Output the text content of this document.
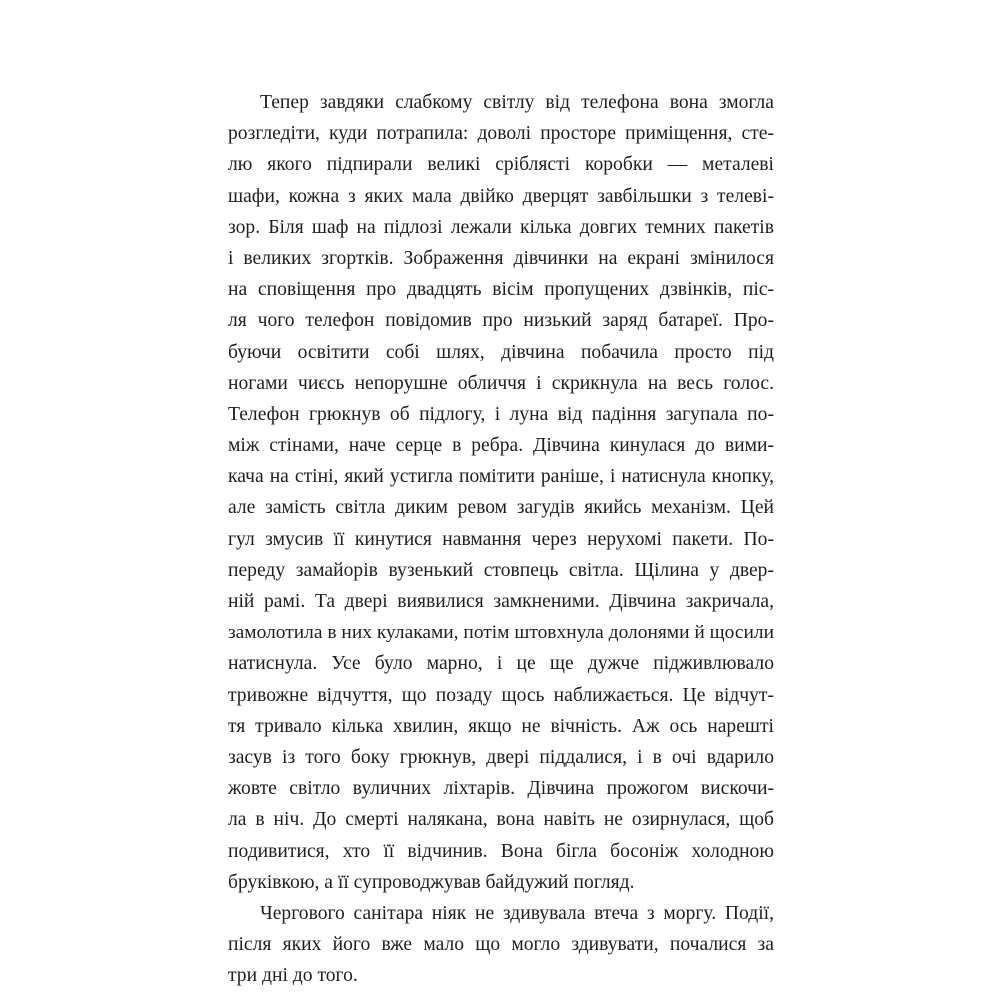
Тепер завдяки слабкому світлу від телефона вона змогла
розгледіти, куди потрапила: доволі просторе приміщення, сте-
лю якого підпирали великі сріблясті коробки — металеві
шафи, кожна з яких мала двійко дверцят завбільшки з телеві-
зор. Біля шаф на підлозі лежали кілька довгих темних пакетів
і великих згортків. Зображення дівчинки на екрані змінилося
на сповіщення про двадцять вісім пропущених дзвінків, піс-
ля чого телефон повідомив про низький заряд батареї. Про-
буючи освітити собі шлях, дівчина побачила просто під
ногами чиєсь непорушне обличчя і скрикнула на весь голос.
Телефон грюкнув об підлогу, і луна від падіння загупала по-
між стінами, наче серце в ребра. Дівчина кинулася до вими-
кача на стіні, який устигла помітити раніше, і натиснула кнопку,
але замість світла диким ревом загудів якийсь механізм. Цей
гул змусив її кинутися навмання через нерухомі пакети. По-
переду замайорів вузенький стовпець світла. Щілина у двер-
ній рамі. Та двері виявилися замкненими. Дівчина закричала,
замолотила в них кулаками, потім штовхнула долонями й щосили
натиснула. Усе було марно, і це ще дужче підживлювало
тривожне відчуття, що позаду щось наближається. Це відчут-
тя тривало кілька хвилин, якщо не вічність. Аж ось нарешті
засув із того боку грюкнув, двері піддалися, і в очі вдарило
жовте світло вуличних ліхтарів. Дівчина прожогом вискочи-
ла в ніч. До смерті налякана, вона навіть не озирнулася, щоб
подивитися, хто її відчинив. Вона бігла босоніж холодною
бруківкою, а її супроводжував байдужий погляд.
Чергового санітара ніяк не здивувала втеча з моргу. Події,
після яких його вже мало що могло здивувати, почалися за
три дні до того.
